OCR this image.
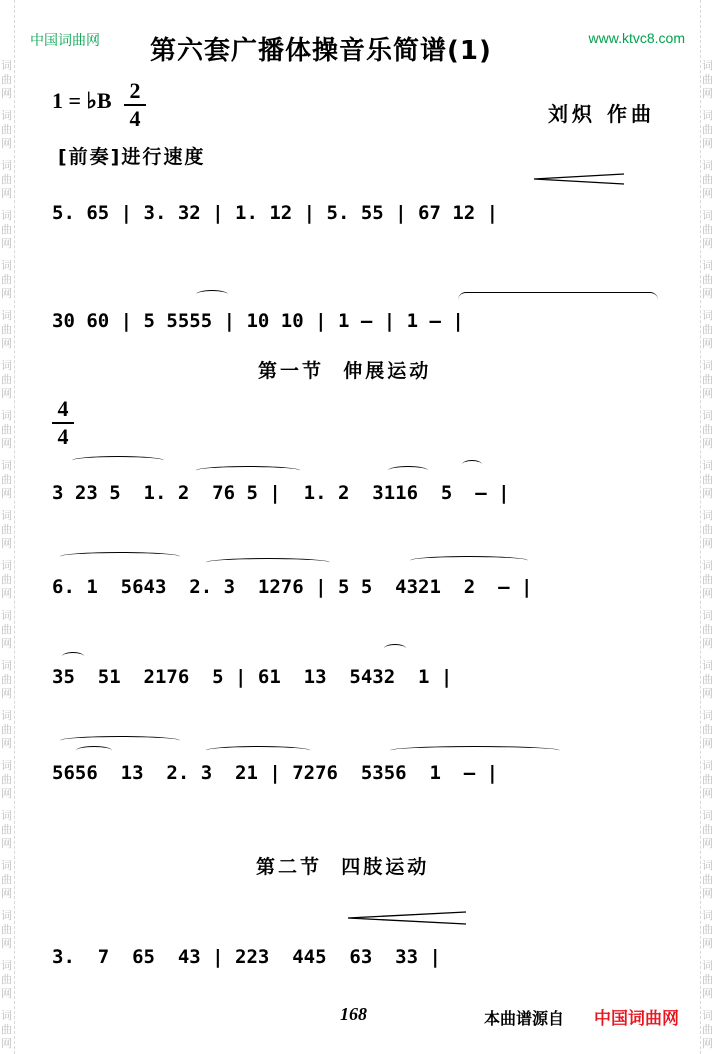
词
曲
网
词
曲
网
词
曲
网
词
曲
网
词
曲
网
词
曲
网
词
曲
网
词
曲
网
词
曲
网
词
曲
网
词
曲
网
词
曲
网
词
曲
网
词
曲
网
词
曲
网
词
曲
网
词
曲
网
词
曲
网
词
曲
网
词
曲
网
词
曲
网
词
曲
网
词
曲
网
词
曲
网
词
曲
网
词
曲
网
词
曲
网
词
曲
网
词
曲
网
词
曲
网
词
曲
网
词
曲
网
词
曲
网
词
曲
网
词
曲
网
词
曲
网
词
曲
网
词
曲
网
词
曲
网
词
曲
网
中国词曲网 第六套广播体操音乐简谱(1)	www.ktvc8.com
1 = ♭B 2
4	刘炽 作曲
[前奏]进行速度
5. 65 | 3. 32 | 1. 12 | 5. 55 | 67 12 |
30 60 | 5 5555 | 10 10 | 1 – | 1 – |
第一节  伸展运动
4
4
3 23 5  1. 2  76 5 |  1. 2  3116  5  – |
6. 1  5643  2. 3  1276 | 5 5  4321  2  – |
35  51  2176  5 | 61  13  5432  1 |
5656  13  2. 3  21 | 7276  5356  1  – |
第二节  四肢运动
3.  7  65  43 | 223  445  63  33 |
168	本曲谱源自 中国词曲网
